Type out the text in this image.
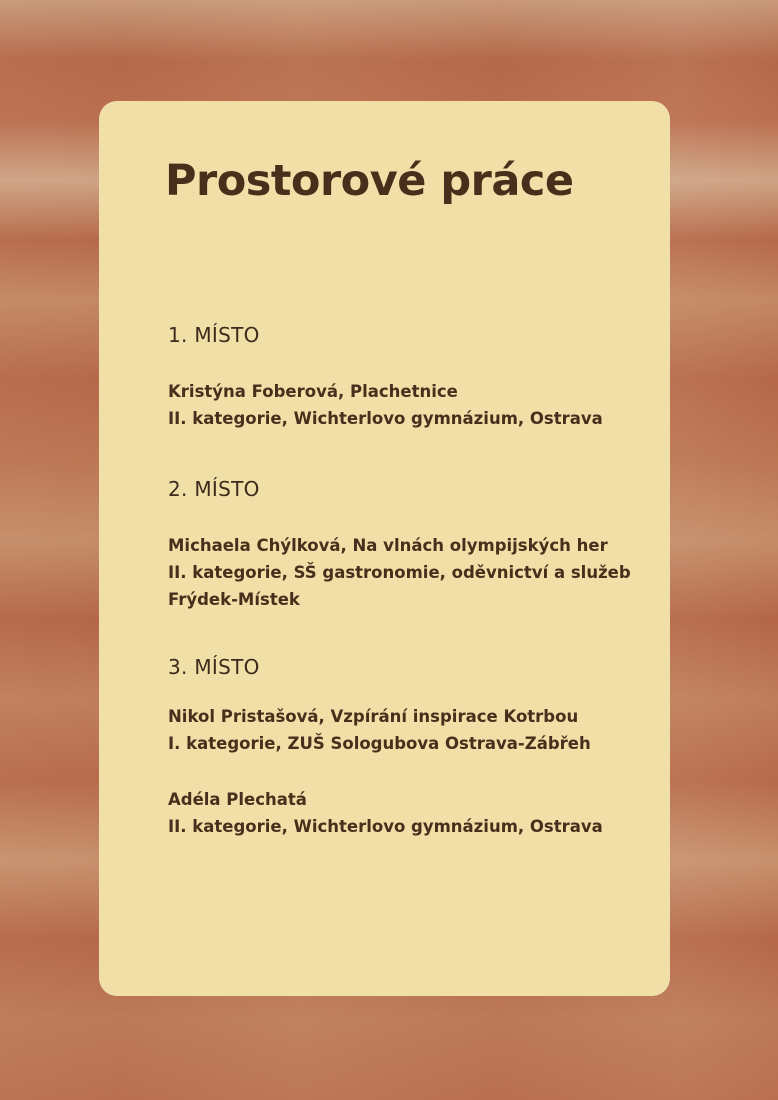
Prostorové práce
1. MÍSTO
Kristýna Foberová, Plachetnice
II. kategorie, Wichterlovo gymnázium, Ostrava
2. MÍSTO
Michaela Chýlková, Na vlnách olympijských her
II. kategorie, SŠ gastronomie, oděvnictví a služeb
Frýdek-Místek
3. MÍSTO
Nikol Pristašová, Vzpírání inspirace Kotrbou
I. kategorie, ZUŠ Sologubova Ostrava-Zábřeh
Adéla Plechatá
II. kategorie, Wichterlovo gymnázium, Ostrava
